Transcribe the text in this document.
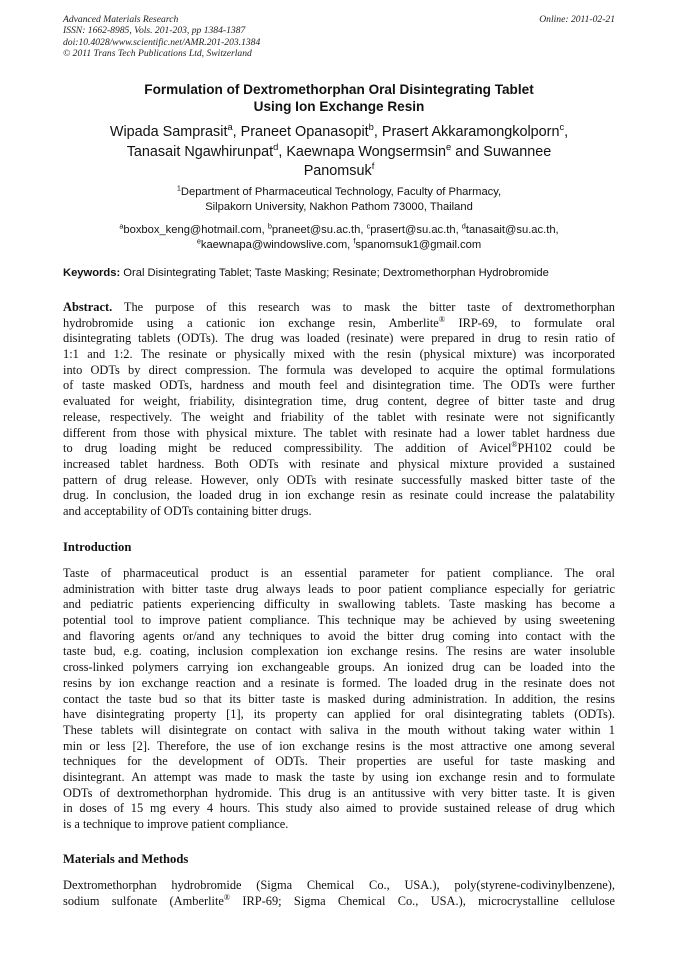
Advanced Materials Research
ISSN: 1662-8985, Vols. 201-203, pp 1384-1387
doi:10.4028/www.scientific.net/AMR.201-203.1384
© 2011 Trans Tech Publications Ltd, Switzerland
Online: 2011-02-21
Formulation of Dextromethorphan Oral Disintegrating Tablet
Using Ion Exchange Resin
Wipada Samprasit$^a$, Praneet Opanasopit$^b$, Prasert Akkaramongkolporn$^c$,
Tanasait Ngawhirunpat$^d$, Kaewnapa Wongsermsin$^e$ and Suwannee
Panomsuk$^f$
$^1$Department of Pharmaceutical Technology, Faculty of Pharmacy,
Silpakorn University, Nakhon Pathom 73000, Thailand
$^a$boxbox_keng@hotmail.com, $^b$praneet@su.ac.th, $^c$prasert@su.ac.th, $^d$tanasait@su.ac.th,
$^e$kaewnapa@windowslive.com, $^f$spanomsuk1@gmail.com
Keywords: Oral Disintegrating Tablet; Taste Masking; Resinate; Dextromethorphan Hydrobromide
Abstract. The purpose of this research was to mask the bitter taste of dextromethorphan
hydrobromide using a cationic ion exchange resin, Amberlite® IRP-69, to formulate oral
disintegrating tablets (ODTs). The drug was loaded (resinate) were prepared in drug to resin ratio of
1:1 and 1:2. The resinate or physically mixed with the resin (physical mixture) was incorporated
into ODTs by direct compression. The formula was developed to acquire the optimal formulations
of taste masked ODTs, hardness and mouth feel and disintegration time. The ODTs were further
evaluated for weight, friability, disintegration time, drug content, degree of bitter taste and drug
release, respectively. The weight and friability of the tablet with resinate were not significantly
different from those with physical mixture. The tablet with resinate had a lower tablet hardness due
to drug loading might be reduced compressibility. The addition of Avicel®PH102 could be
increased tablet hardness. Both ODTs with resinate and physical mixture provided a sustained
pattern of drug release. However, only ODTs with resinate successfully masked bitter taste of the
drug. In conclusion, the loaded drug in ion exchange resin as resinate could increase the palatability
and acceptability of ODTs containing bitter drugs.
Introduction
Taste of pharmaceutical product is an essential parameter for patient compliance. The oral
administration with bitter taste drug always leads to poor patient compliance especially for geriatric
and pediatric patients experiencing difficulty in swallowing tablets. Taste masking has become a
potential tool to improve patient compliance. This technique may be achieved by using sweetening
and flavoring agents or/and any techniques to avoid the bitter drug coming into contact with the
taste bud, e.g. coating, inclusion complexation ion exchange resins. The resins are water insoluble
cross-linked polymers carrying ion exchangeable groups. An ionized drug can be loaded into the
resins by ion exchange reaction and a resinate is formed. The loaded drug in the resinate does not
contact the taste bud so that its bitter taste is masked during administration. In addition, the resins
have disintegrating property [1], its property can applied for oral disintegrating tablets (ODTs).
These tablets will disintegrate on contact with saliva in the mouth without taking water within 1
min or less [2]. Therefore, the use of ion exchange resins is the most attractive one among several
techniques for the development of ODTs. Their properties are useful for taste masking and
disintegrant. An attempt was made to mask the taste by using ion exchange resin and to formulate
ODTs of dextromethorphan hydromide. This drug is an antitussive with very bitter taste. It is given
in doses of 15 mg every 4 hours. This study also aimed to provide sustained release of drug which
is a technique to improve patient compliance.
Materials and Methods
Dextromethorphan hydrobromide (Sigma Chemical Co., USA.), poly(styrene-codivinylbenzene),
sodium sulfonate (Amberlite® IRP-69; Sigma Chemical Co., USA.), microcrystalline cellulose
